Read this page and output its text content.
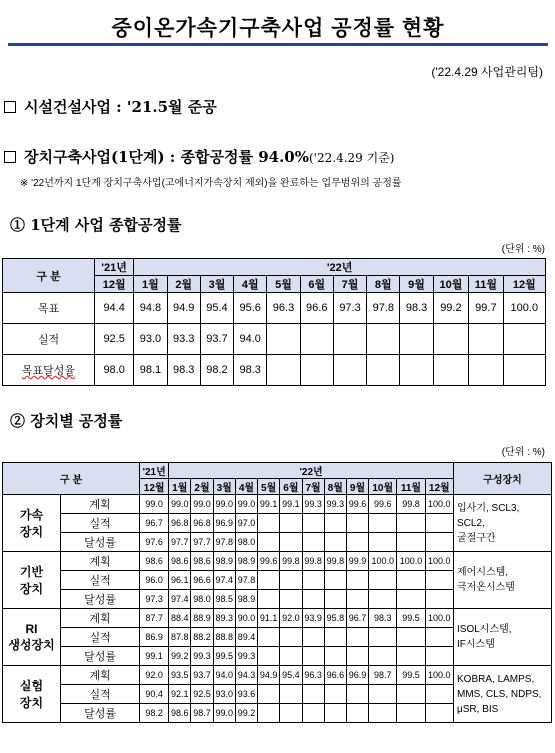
중이온가속기구축사업 공정률 현황
('22.4.29 사업관리팀)
시설건설사업 : '21.5월 준공
장치구축사업(1단계) : 종합공정률 94.0%('22.4.29 기준)
※ '22년까지 1단계 장치구축사업(고에너지가속장치 제외)을 완료하는 업무범위의 공정률
① 1단계 사업 종합공정률
(단위 : %)
구 분	'21년	'22년											
	12월	1월	2월	3월	4월	5월	6월	7월	8월	9월	10월	11월	12월
목표	94.4	94.8	94.9	95.4	95.6	96.3	96.6	97.3	97.8	98.3	99.2	99.7	100.0
실적	92.5	93.0	93.3	93.7	94.0								
목표달성율	98.0	98.1	98.3	98.2	98.3								
② 장치별 공정률
(단위 : %)
구 분		'21년	'22년												구성장치
		12월	1월	2월	3월	4월	5월	6월	7월	8월	9월	10월	11월	12월	
가속
장치	계획	99.0	99.0	99.0	99.0	99.0	99.1	99.1	99.3	99.3	99.6	99.6	99.8	100.0	입사기, SCL3,
SCL2,
굴절구간
	실적	96.7	96.8	96.8	96.9	97.0									
	달성률	97.6	97.7	97.7	97.8	98.0									
기반
장치	계획	98.6	98.6	98.6	98.9	98.9	99.6	99.8	99.8	99.8	99.9	100.0	100.0	100.0	제어시스템,
극저온시스템
	실적	96.0	96.1	96.6	97.4	97.8									
	달성률	97.3	97.4	98.0	98.5	98.9									
RI
생성장치	계획	87.7	88.4	88.9	89.3	90.0	91.1	92.0	93.9	95.8	96.7	98.3	99.5	100.0	ISOL시스템,
IF시스템
	실적	86.9	87.8	88.2	88.8	89.4									
	달성률	99.1	99.2	99.3	99.5	99.3									
실험
장치	계획	92.0	93.5	93.7	94.0	94.3	94.9	95.4	96.3	96.6	96.9	98.7	99.5	100.0	KOBRA, LAMPS,
MMS, CLS, NDPS,
μSR, BIS
	실적	90.4	92.1	92.5	93.0	93.6									
	달성률	98.2	98.6	98.7	99.0	99.2									
